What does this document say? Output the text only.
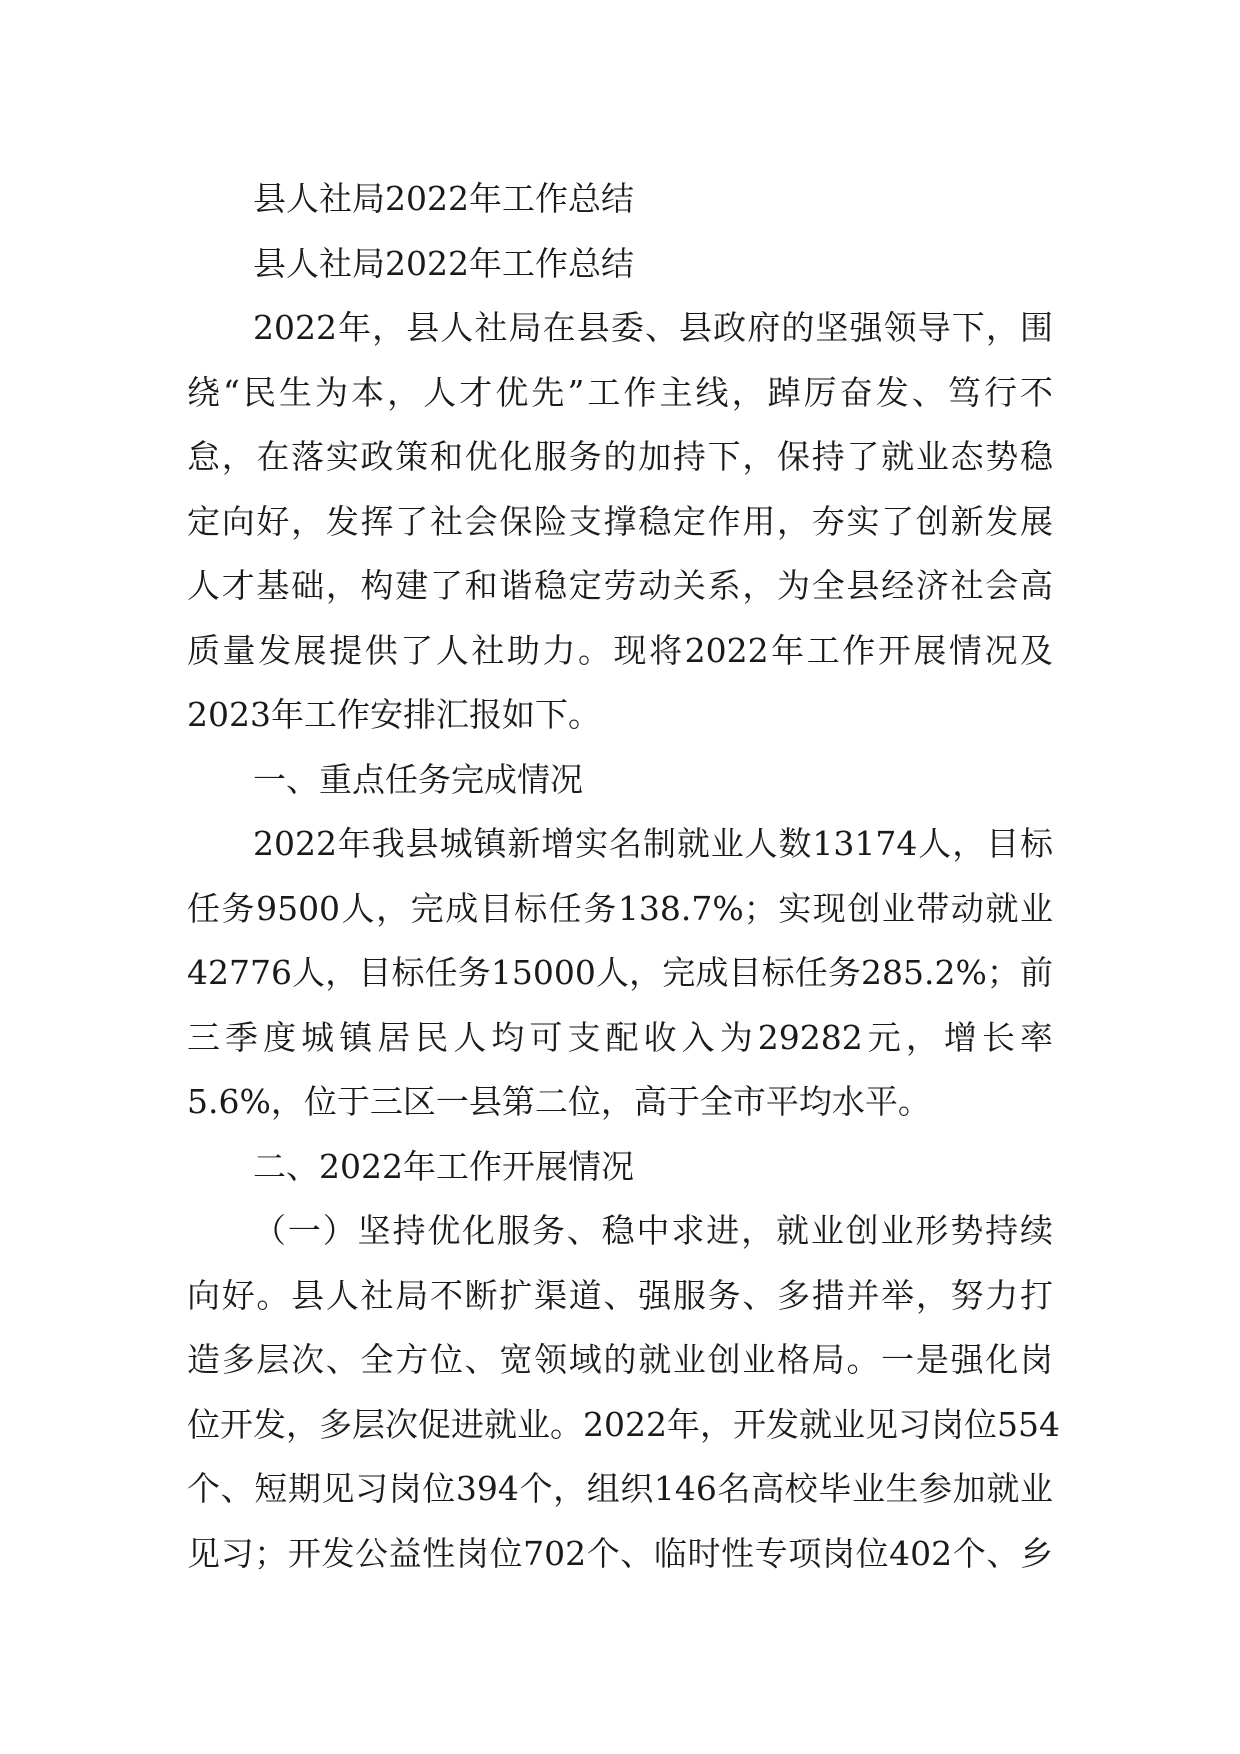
县人社局2022年工作总结
县人社局2022年工作总结
2022年，县人社局在县委、县政府的坚强领导下，围
绕“民生为本，人才优先”工作主线，踔厉奋发、笃行不
怠，在落实政策和优化服务的加持下，保持了就业态势稳
定向好，发挥了社会保险支撑稳定作用，夯实了创新发展
人才基础，构建了和谐稳定劳动关系，为全县经济社会高
质量发展提供了人社助力。现将2022年工作开展情况及
2023年工作安排汇报如下。
一、重点任务完成情况
2022年我县城镇新增实名制就业人数13174人，目标
任务9500人，完成目标任务138.7%；实现创业带动就业
42776人，目标任务15000人，完成目标任务285.2%；前
三季度城镇居民人均可支配收入为29282元，增长率
5.6%，位于三区一县第二位，高于全市平均水平。
二、2022年工作开展情况
（一）坚持优化服务、稳中求进，就业创业形势持续
向好。县人社局不断扩渠道、强服务、多措并举，努力打
造多层次、全方位、宽领域的就业创业格局。一是强化岗
位开发，多层次促进就业。2022年，开发就业见习岗位554
个、短期见习岗位394个，组织146名高校毕业生参加就业
见习；开发公益性岗位702个、临时性专项岗位402个、乡
